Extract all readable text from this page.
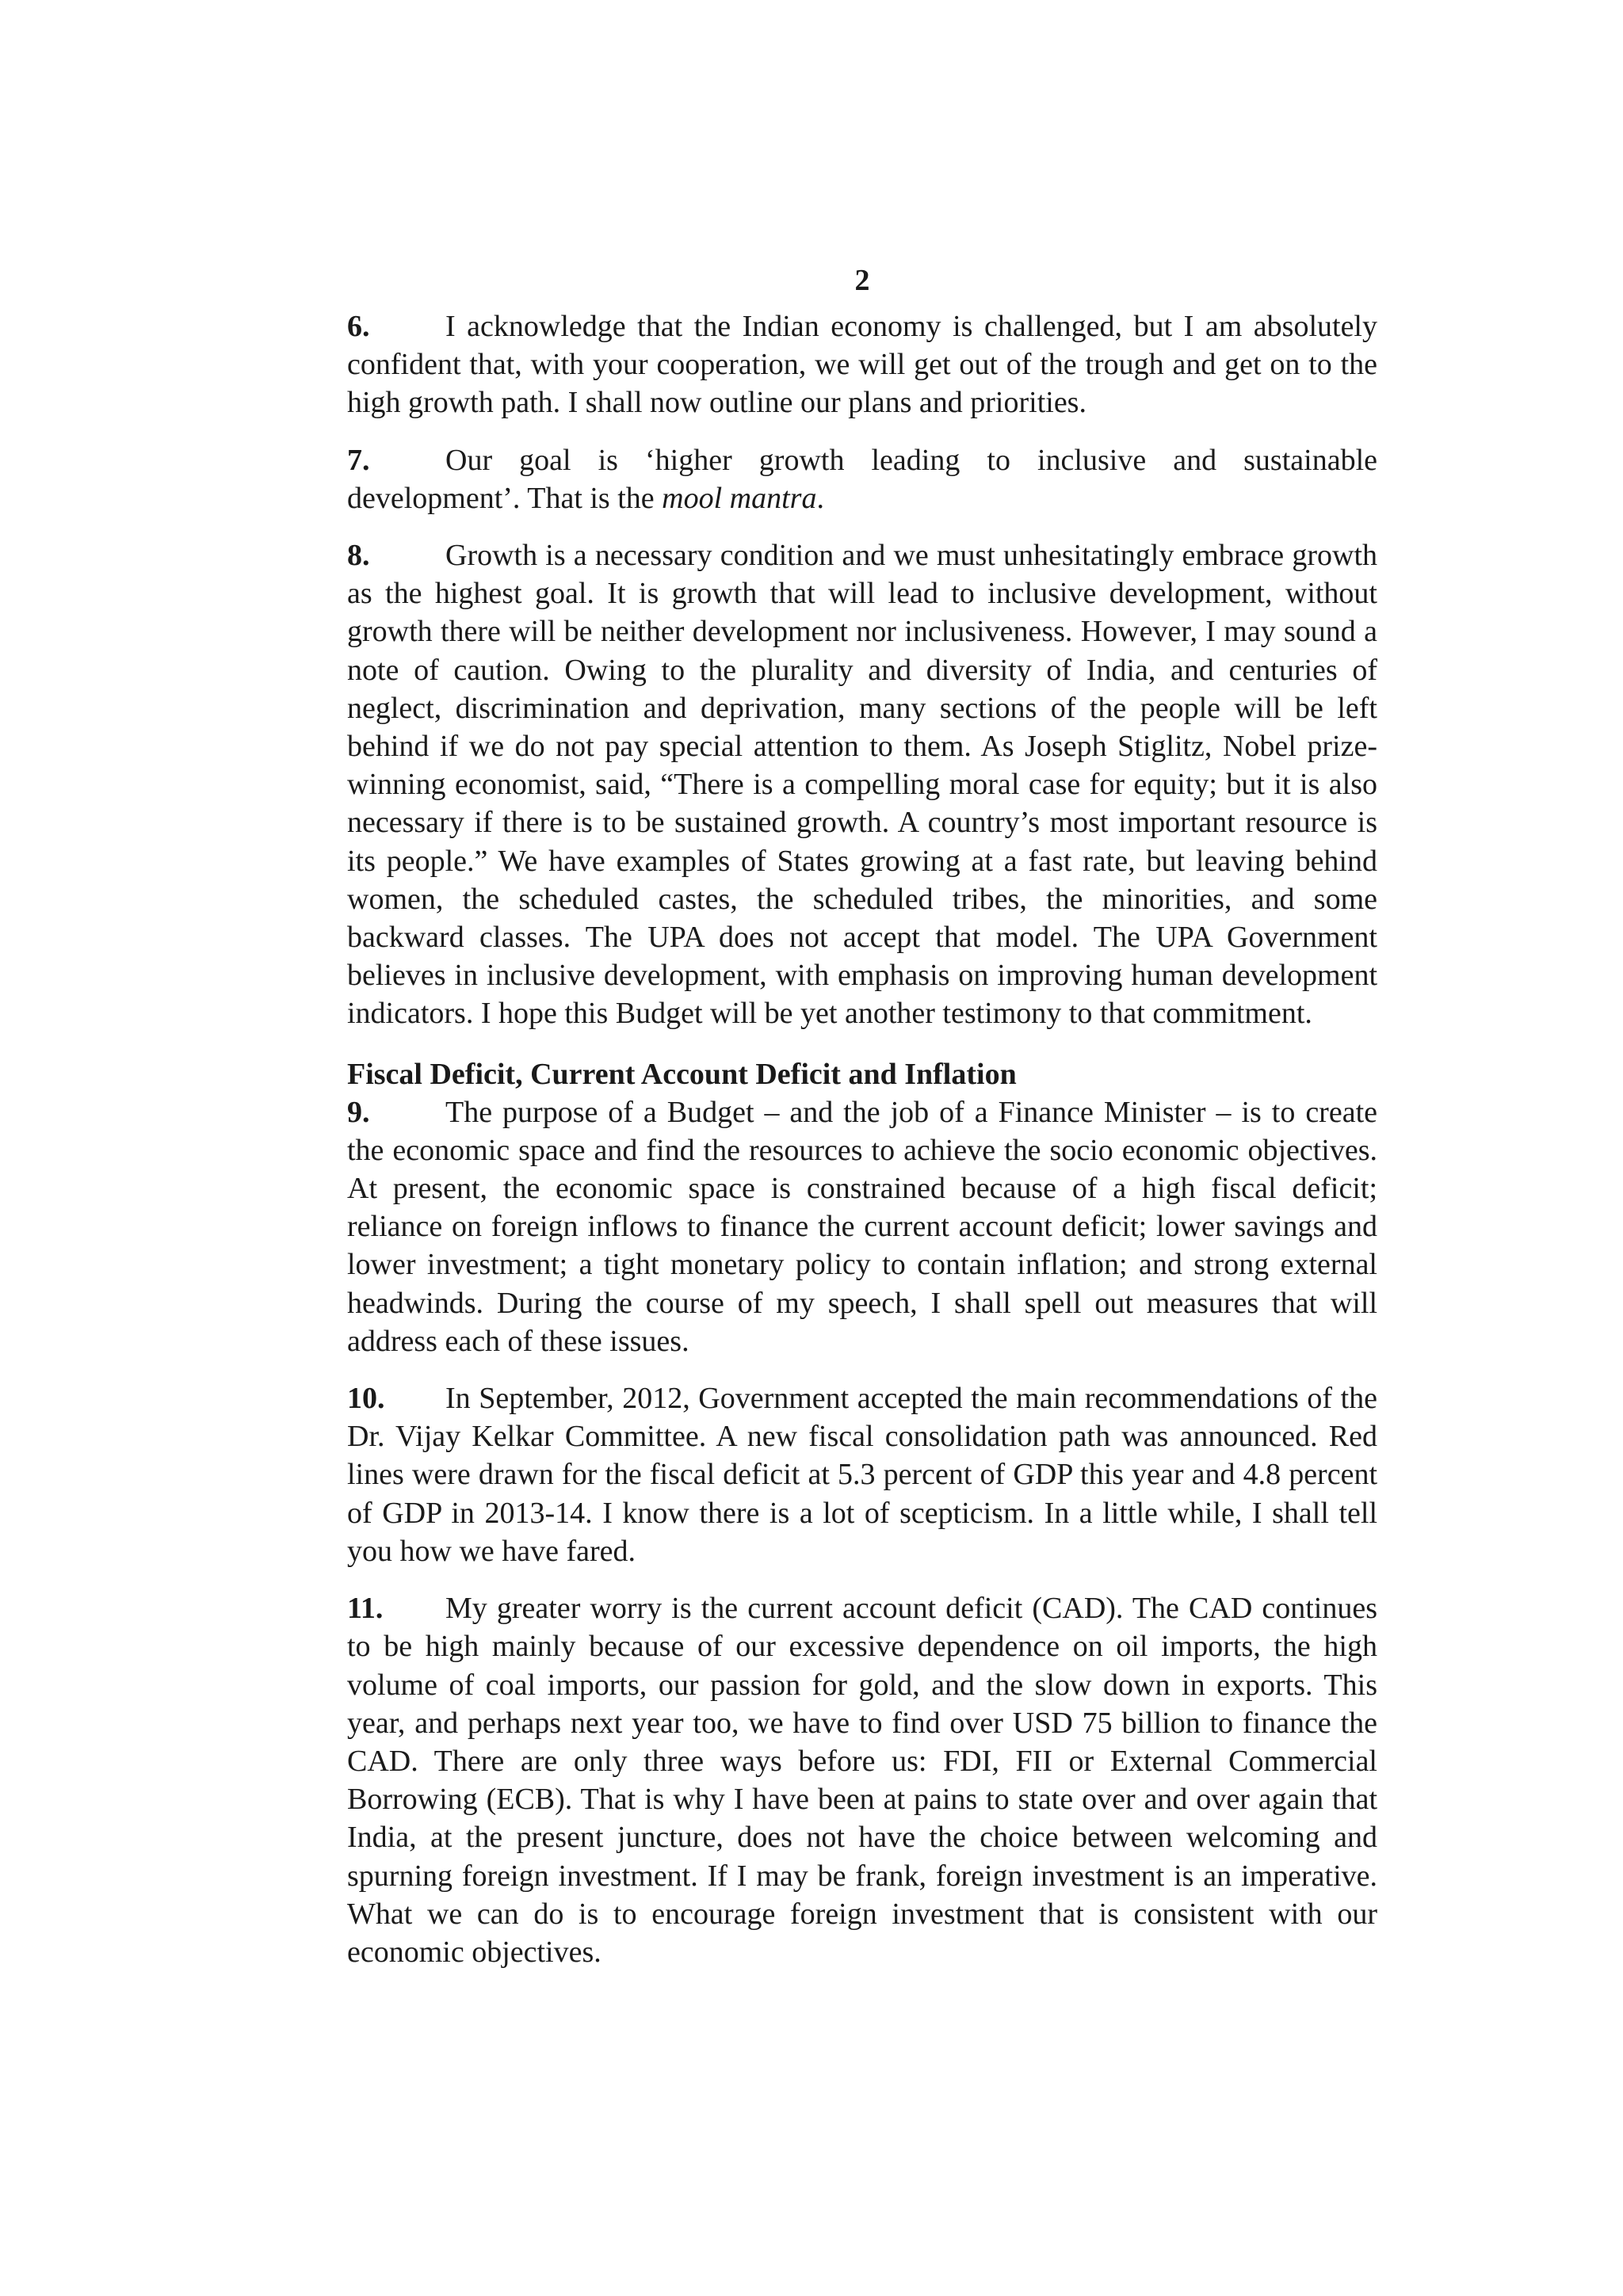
2

6.	I acknowledge that the Indian economy is challenged, but I am absolutely confident that, with your cooperation, we will get out of the trough and get on to the high growth path. I shall now outline our plans and priorities.

7.	Our goal is ‘higher growth leading to inclusive and sustainable development’. That is the mool mantra.

8.	Growth is a necessary condition and we must unhesitatingly embrace growth as the highest goal. It is growth that will lead to inclusive development, without growth there will be neither development nor inclusiveness. However, I may sound a note of caution. Owing to the plurality and diversity of India, and centuries of neglect, discrimination and deprivation, many sections of the people will be left behind if we do not pay special attention to them. As Joseph Stiglitz, Nobel prize-winning economist, said, “There is a compelling moral case for equity; but it is also necessary if there is to be sustained growth. A country’s most important resource is its people.” We have examples of States growing at a fast rate, but leaving behind women, the scheduled castes, the scheduled tribes, the minorities, and some backward classes. The UPA does not accept that model. The UPA Government believes in inclusive development, with emphasis on improving human development indicators. I hope this Budget will be yet another testimony to that commitment.

Fiscal Deficit, Current Account Deficit and Inflation

9.	The purpose of a Budget – and the job of a Finance Minister – is to create the economic space and find the resources to achieve the socio economic objectives. At present, the economic space is constrained because of a high fiscal deficit; reliance on foreign inflows to finance the current account deficit; lower savings and lower investment; a tight monetary policy to contain inflation; and strong external headwinds. During the course of my speech, I shall spell out measures that will address each of these issues.

10. In September, 2012, Government accepted the main recommendations of the Dr. Vijay Kelkar Committee. A new fiscal consolidation path was announced. Red lines were drawn for the fiscal deficit at 5.3 percent of GDP this year and 4.8 percent of GDP in 2013-14. I know there is a lot of scepticism. In a little while, I shall tell you how we have fared.

11. My greater worry is the current account deficit (CAD). The CAD continues to be high mainly because of our excessive dependence on oil imports, the high volume of coal imports, our passion for gold, and the slow down in exports. This year, and perhaps next year too, we have to find over USD 75 billion to finance the CAD. There are only three ways before us: FDI, FII or External Commercial Borrowing (ECB). That is why I have been at pains to state over and over again that India, at the present juncture, does not have the choice between welcoming and spurning foreign investment. If I may be frank, foreign investment is an imperative. What we can do is to encourage foreign investment that is consistent with our economic objectives.
